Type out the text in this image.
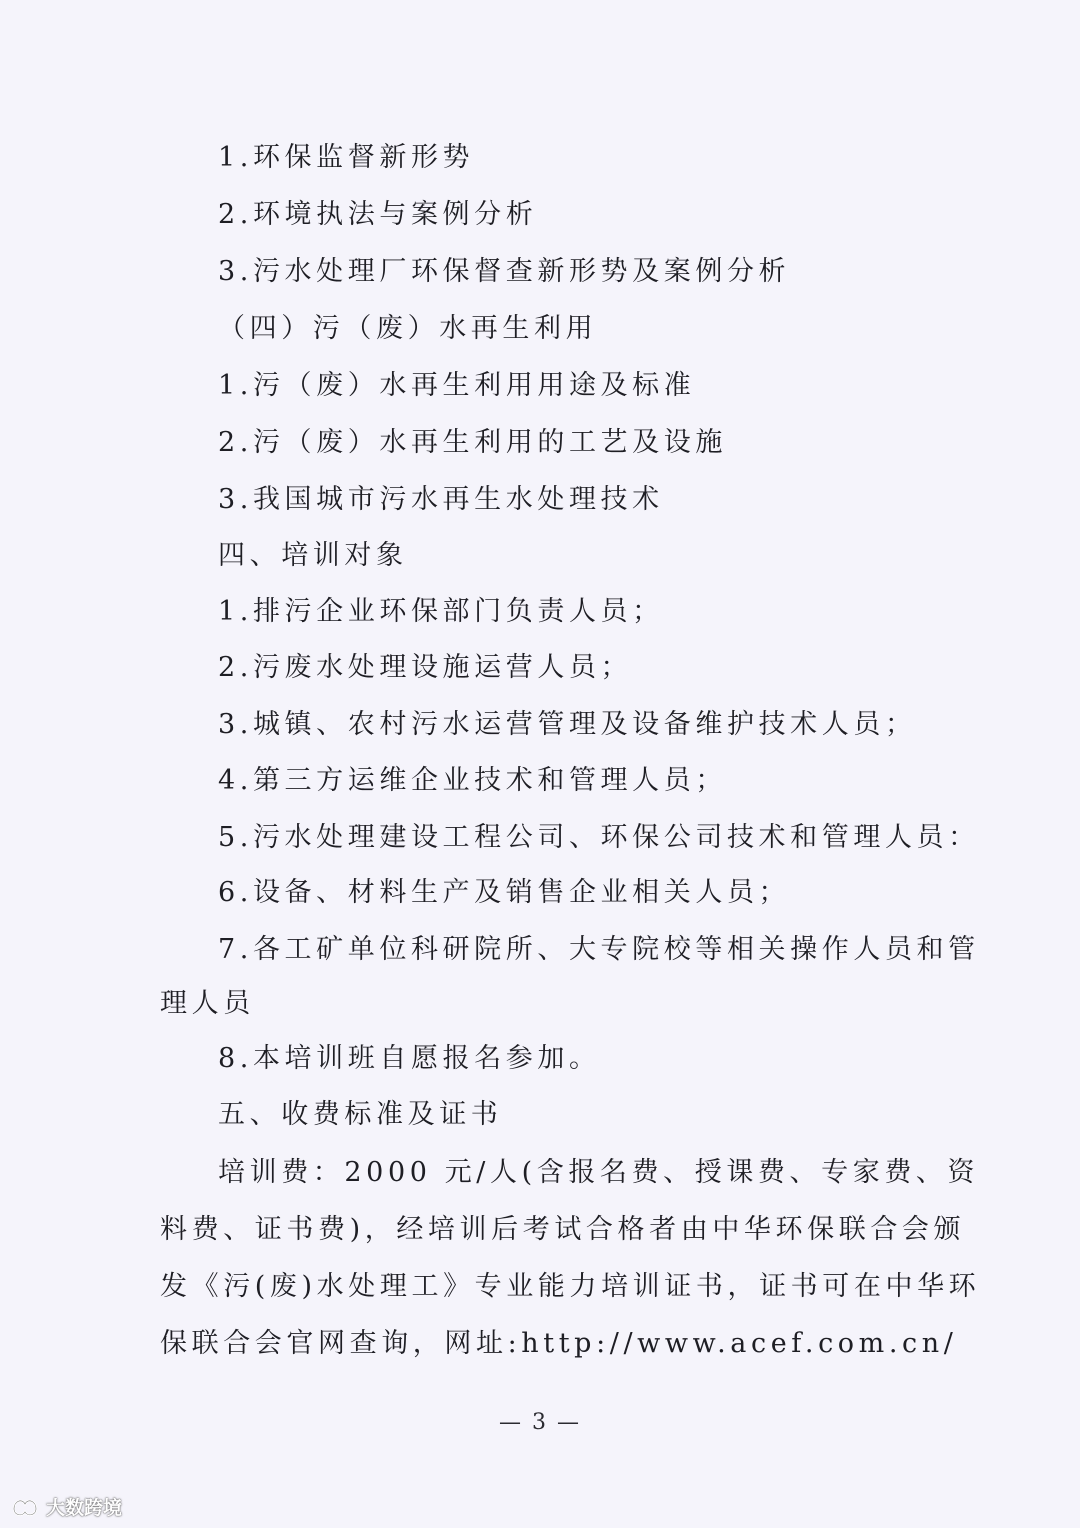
1.环保监督新形势
2.环境执法与案例分析
3.污水处理厂环保督查新形势及案例分析
（四）污（废）水再生利用
1.污（废）水再生利用用途及标准
2.污（废）水再生利用的工艺及设施
3.我国城市污水再生水处理技术
四、培训对象
1.排污企业环保部门负责人员；
2.污废水处理设施运营人员；
3.城镇、农村污水运营管理及设备维护技术人员；
4.第三方运维企业技术和管理人员；
5.污水处理建设工程公司、环保公司技术和管理人员：
6.设备、材料生产及销售企业相关人员；
7.各工矿单位科研院所、大专院校等相关操作人员和管
理人员
8.本培训班自愿报名参加。
五、收费标准及证书
培训费：2000 元/人(含报名费、授课费、专家费、资
料费、证书费)，经培训后考试合格者由中华环保联合会颁
发《污(废)水处理工》专业能力培训证书，证书可在中华环
保联合会官网查询，网址:http://www.acef.com.cn/
— 3 —
大数跨境
